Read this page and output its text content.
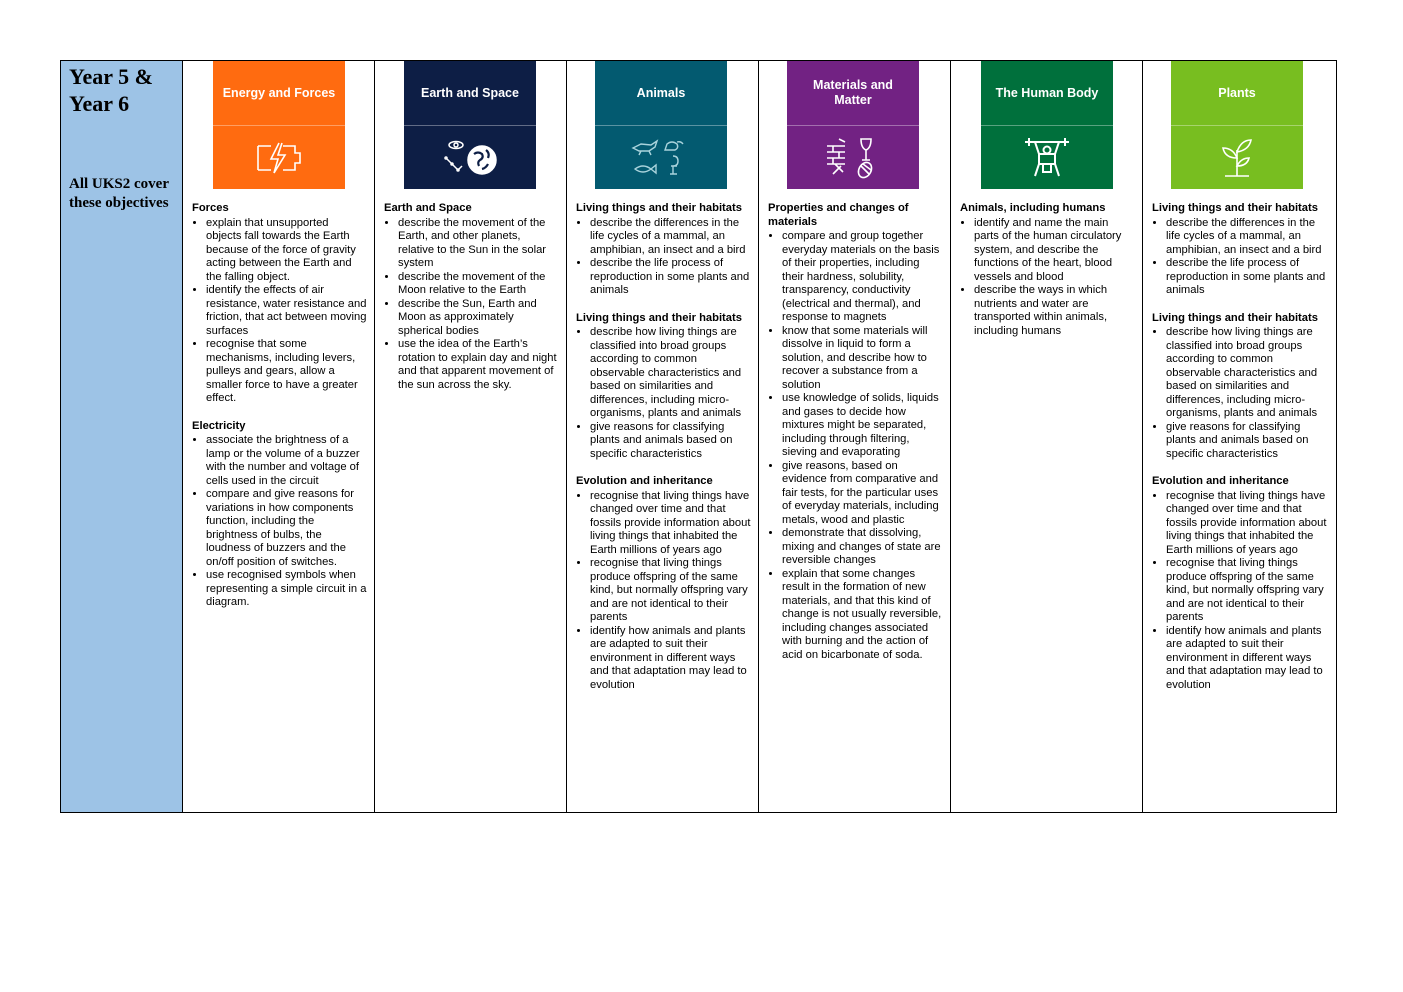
Year 5 & Year 6

All UKS2 cover these objectives
Energy and Forces
Forces
• explain that unsupported objects fall towards the Earth because of the force of gravity acting between the Earth and the falling object.
• identify the effects of air resistance, water resistance and friction, that act between moving surfaces
• recognise that some mechanisms, including levers, pulleys and gears, allow a smaller force to have a greater effect.
Electricity
• associate the brightness of a lamp or the volume of a buzzer with the number and voltage of cells used in the circuit
• compare and give reasons for variations in how components function, including the brightness of bulbs, the loudness of buzzers and the on/off position of switches.
• use recognised symbols when representing a simple circuit in a diagram.
Earth and Space
Earth and Space
• describe the movement of the Earth, and other planets, relative to the Sun in the solar system
• describe the movement of the Moon relative to the Earth
• describe the Sun, Earth and Moon as approximately spherical bodies
• use the idea of the Earth’s rotation to explain day and night and that apparent movement of the sun across the sky.
Animals
Living things and their habitats
• describe the differences in the life cycles of a mammal, an amphibian, an insect and a bird
• describe the life process of reproduction in some plants and animals
Living things and their habitats
• describe how living things are classified into broad groups according to common observable characteristics and based on similarities and differences, including micro-organisms, plants and animals
• give reasons for classifying plants and animals based on specific characteristics
Evolution and inheritance
• recognise that living things have changed over time and that fossils provide information about living things that inhabited the Earth millions of years ago
• recognise that living things produce offspring of the same kind, but normally offspring vary and are not identical to their parents
• identify how animals and plants are adapted to suit their environment in different ways and that adaptation may lead to evolution
Materials and Matter
Properties and changes of materials
• compare and group together everyday materials on the basis of their properties, including their hardness, solubility, transparency, conductivity (electrical and thermal), and response to magnets
• know that some materials will dissolve in liquid to form a solution, and describe how to recover a substance from a solution
• use knowledge of solids, liquids and gases to decide how mixtures might be separated, including through filtering, sieving and evaporating
• give reasons, based on evidence from comparative and fair tests, for the particular uses of everyday materials, including metals, wood and plastic
• demonstrate that dissolving, mixing and changes of state are reversible changes
• explain that some changes result in the formation of new materials, and that this kind of change is not usually reversible, including changes associated with burning and the action of acid on bicarbonate of soda.
The Human Body
Animals, including humans
• identify and name the main parts of the human circulatory system, and describe the functions of the heart, blood vessels and blood
• describe the ways in which nutrients and water are transported within animals, including humans
Plants
Living things and their habitats
• describe the differences in the life cycles of a mammal, an amphibian, an insect and a bird
• describe the life process of reproduction in some plants and animals
Living things and their habitats
• describe how living things are classified into broad groups according to common observable characteristics and based on similarities and differences, including micro-organisms, plants and animals
• give reasons for classifying plants and animals based on specific characteristics
Evolution and inheritance
• recognise that living things have changed over time and that fossils provide information about living things that inhabited the Earth millions of years ago
• recognise that living things produce offspring of the same kind, but normally offspring vary and are not identical to their parents
• identify how animals and plants are adapted to suit their environment in different ways and that adaptation may lead to evolution
